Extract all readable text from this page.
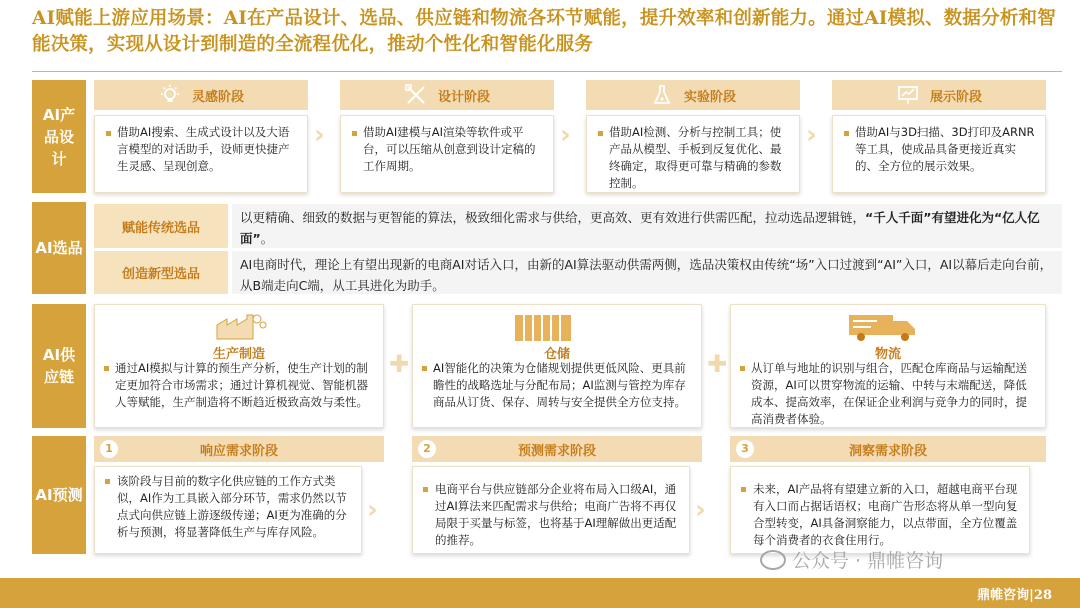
AI赋能上游应用场景：AI在产品设计、选品、供应链和物流各环节赋能，提升效率和创新能力。通过AI模拟、数据分析和智能决策，实现从设计到制造的全流程优化，推动个性化和智能化服务
AI产品设计
灵感阶段	设计阶段	实验阶段	展示阶段
借助AI搜索、生成式设计以及大语言模型的对话助手，设师更快捷产生灵感、呈现创意。
借助AI建模与AI渲染等软件或平台，可以压缩从创意到设计定稿的工作周期。
借助AI检测、分析与控制工具；使产品从模型、手板到反复优化、最终确定，取得更可靠与精确的参数控制。
借助AI与3D扫描、3D打印及ARNR等工具，使成品具备更接近真实的、全方位的展示效果。
›	›	›
AI选品
赋能传统选品
以更精确、细致的数据与更智能的算法，极致细化需求与供给，更高效、更有效进行供需匹配，拉动选品逻辑链，“千人千面”有望进化为“亿人亿面”。
创造新型选品
AI电商时代，理论上有望出现新的电商AI对话入口，由新的AI算法驱动供需两侧，选品决策权由传统“场”入口过渡到“AI”入口，AI以幕后走向台前，从B端走向C端，从工具进化为助手。
AI供应链
生产制造
通过AI模拟与计算的预生产分析，使生产计划的制定更加符合市场需求；通过计算机视觉、智能机器人等赋能，生产制造将不断趋近极致高效与柔性。
仓储
AI智能化的决策为仓储规划提供更低风险、更具前瞻性的战略选址与分配布局；AI监测与管控为库存商品从订货、保存、周转与安全提供全方位支持。
物流
从订单与地址的识别与组合，匹配仓库商品与运输配送资源，AI可以贯穿物流的运输、中转与末端配送，降低成本、提高效率，在保证企业利润与竞争力的同时，提高消费者体验。
✚	✚
AI预测
1	响应需求阶段	2	预测需求阶段	3	洞察需求阶段
该阶段与目前的数字化供应链的工作方式类似，AI作为工具嵌入部分环节，需求仍然以节点式向供应链上游逐级传递；AI更为准确的分析与预测，将显著降低生产与库存风险。
电商平台与供应链部分企业将布局入口级AI，通过AI算法来匹配需求与供给；电商广告将不再仅局限于买量与标签，也将基于AI理解做出更适配的推荐。
未来，AI产品将有望建立新的入口，超越电商平台现有入口而占据话语权；电商广告形态将从单一型向复合型转变，AI具备洞察能力，以点带面，全方位覆盖每个消费者的衣食住用行。
›	›
公众号 · 鼎帷咨询
鼎帷咨询|28
